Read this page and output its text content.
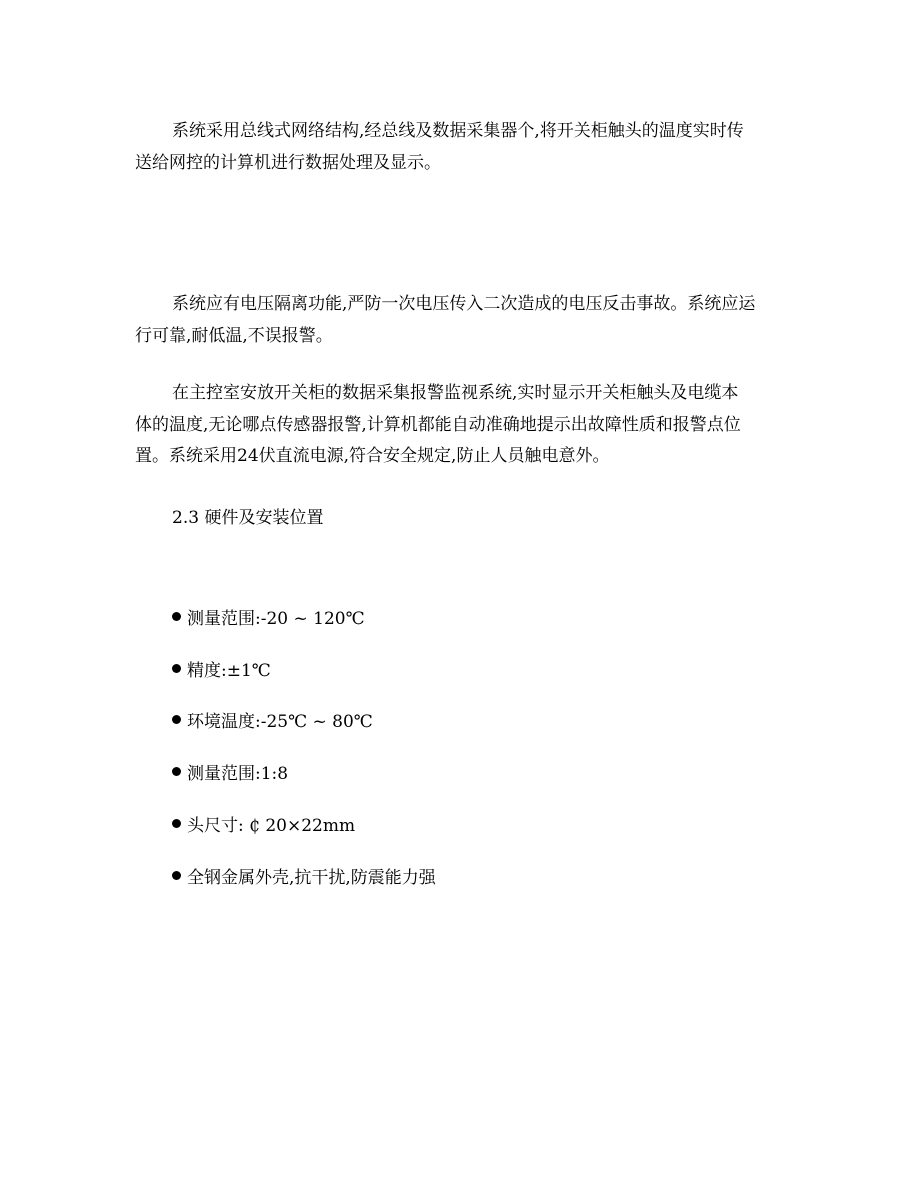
系统采用总线式网络结构,经总线及数据采集器个,将开关柜触头的温度实时传
送给网控的计算机进行数据处理及显示。
系统应有电压隔离功能,严防一次电压传入二次造成的电压反击事故。系统应运
行可靠,耐低温,不误报警。
在主控室安放开关柜的数据采集报警监视系统,实时显示开关柜触头及电缆本
体的温度,无论哪点传感器报警,计算机都能自动准确地提示出故障性质和报警点位
置。系统采用24伏直流电源,符合安全规定,防止人员触电意外。
2.3 硬件及安装位置
测量范围:-20 ~ 120℃
精度:±1℃
环境温度:-25℃ ~ 80℃
测量范围:1:8
头尺寸: ₵ 20×22mm
全钢金属外壳,抗干扰,防震能力强
